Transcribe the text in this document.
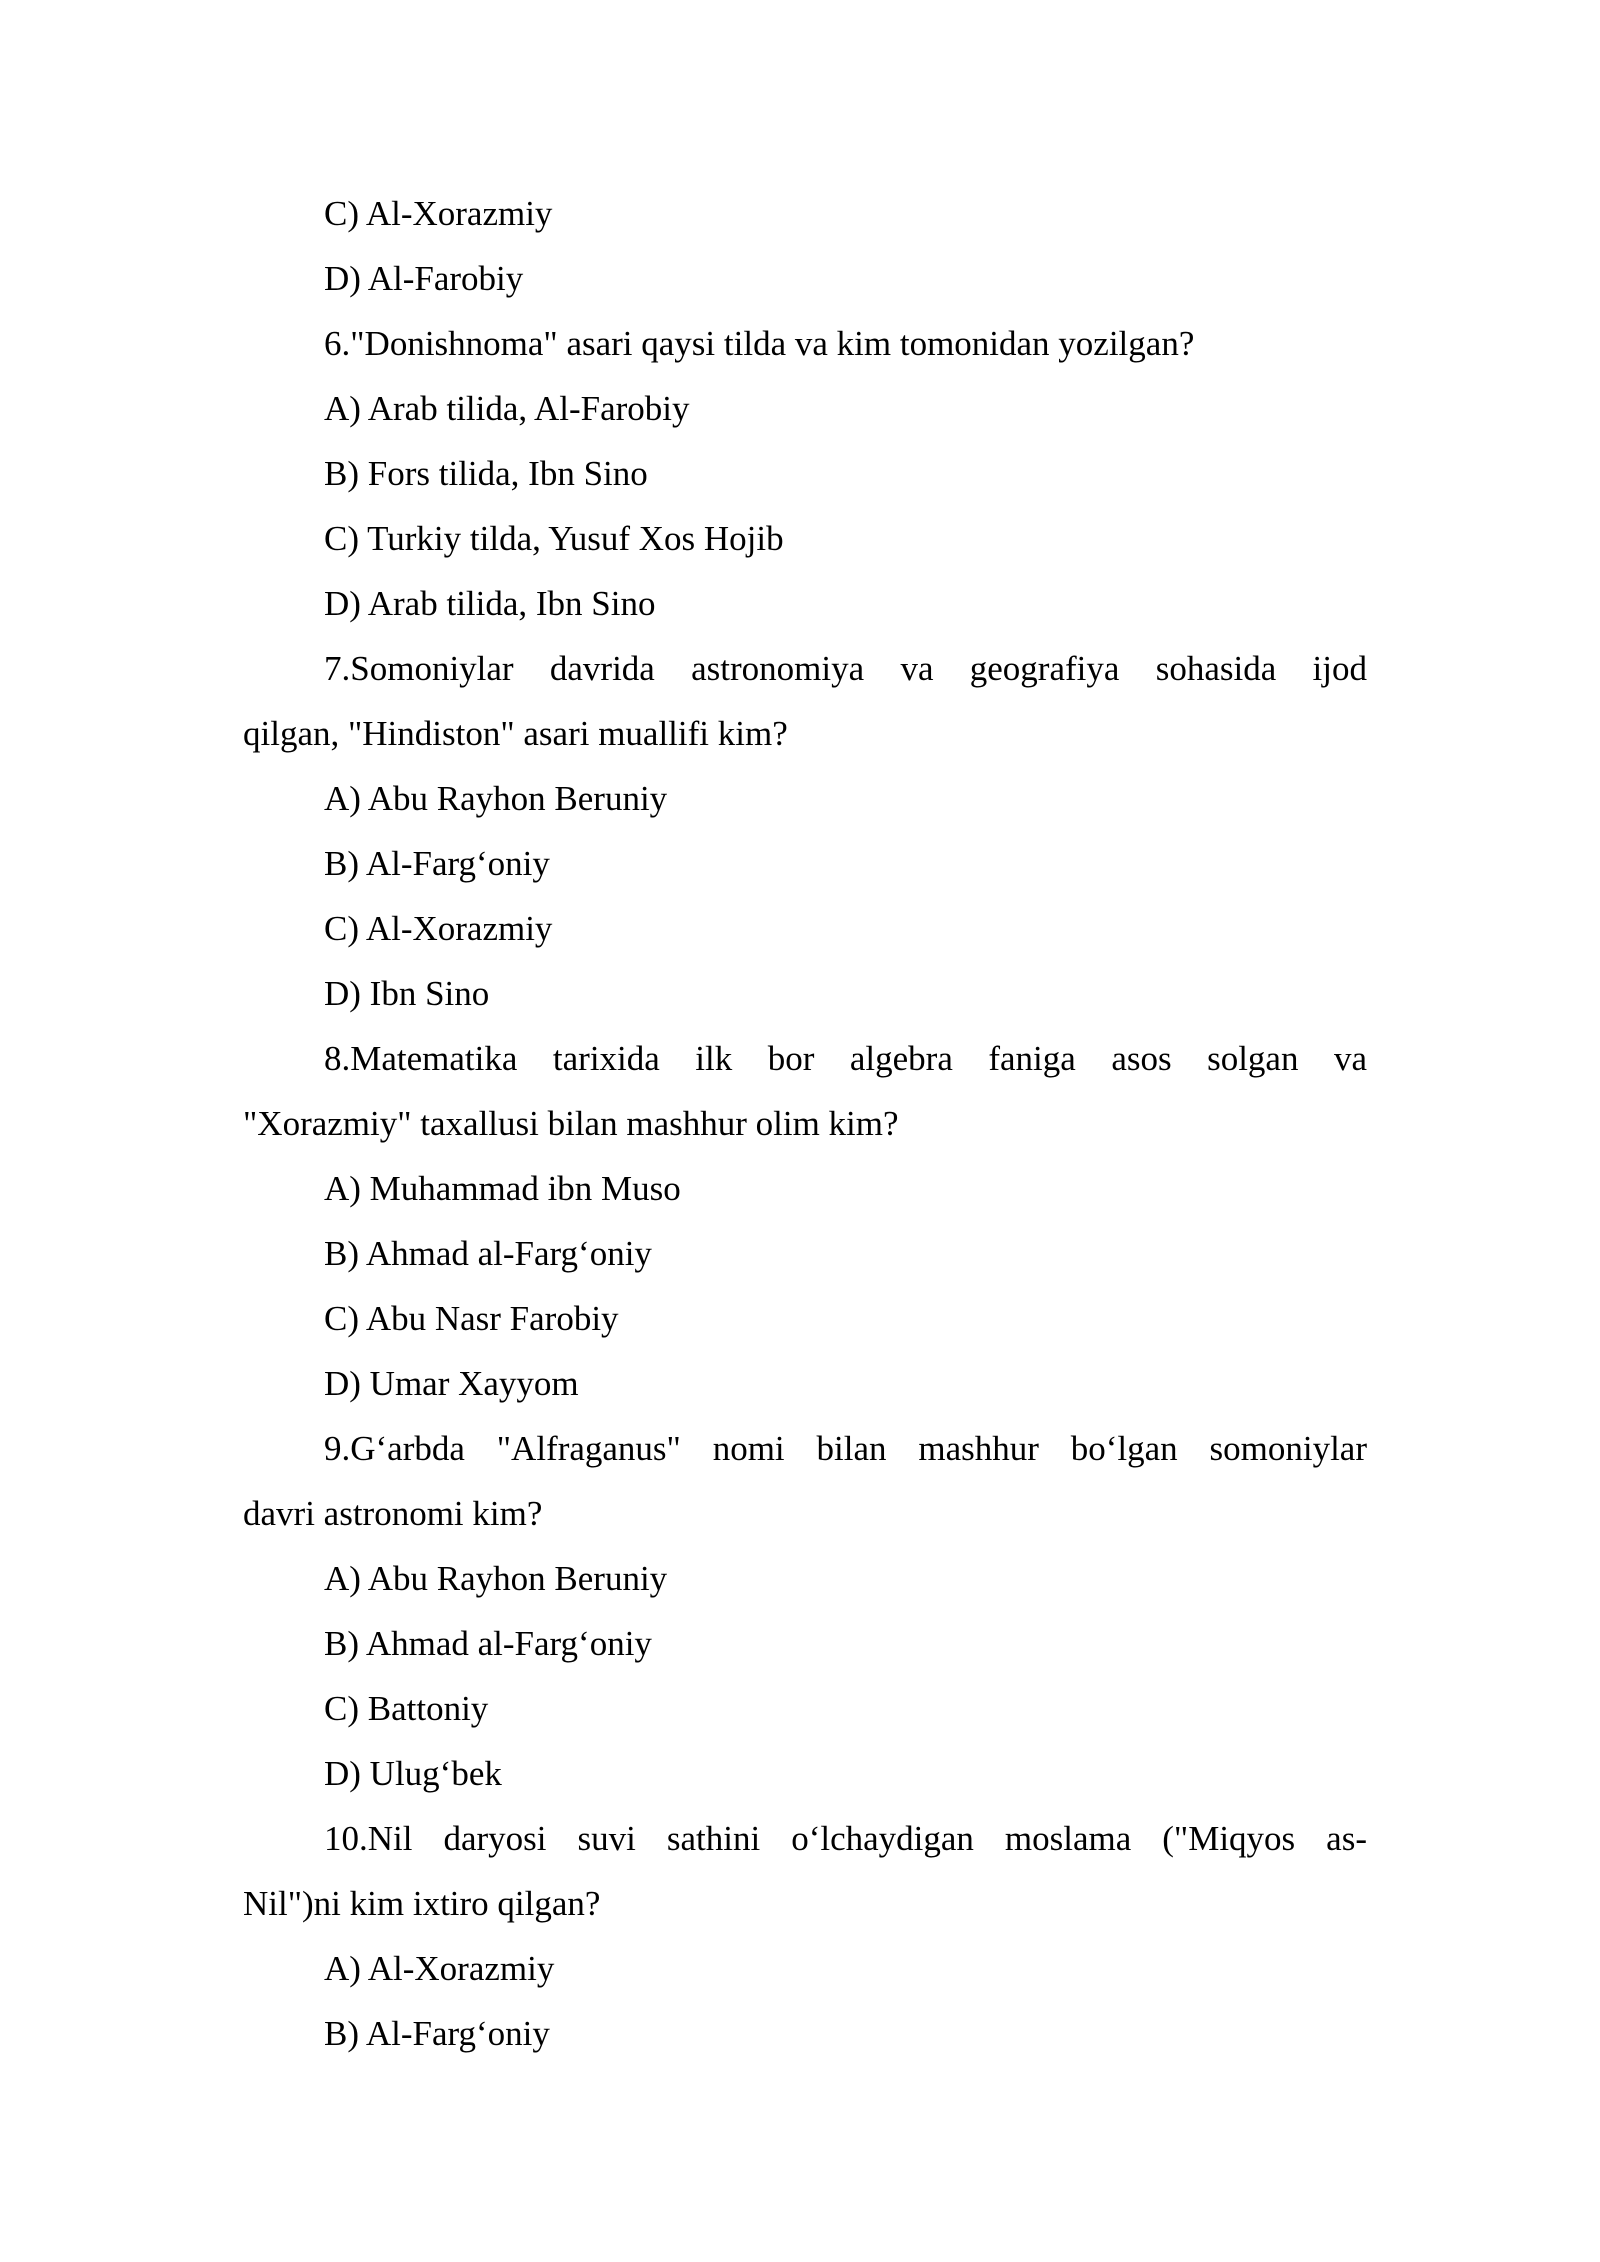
C) Al-Xorazmiy
D) Al-Farobiy
6."Donishnoma" asari qaysi tilda va kim tomonidan yozilgan?
A) Arab tilida, Al-Farobiy
B) Fors tilida, Ibn Sino
C) Turkiy tilda, Yusuf Xos Hojib
D) Arab tilida, Ibn Sino
7.Somoniylar davrida astronomiya va geografiya sohasida ijod
qilgan, "Hindiston" asari muallifi kim?
A) Abu Rayhon Beruniy
B) Al-Farg‘oniy
C) Al-Xorazmiy
D) Ibn Sino
8.Matematika tarixida ilk bor algebra faniga asos solgan va
"Xorazmiy" taxallusi bilan mashhur olim kim?
A) Muhammad ibn Muso
B) Ahmad al-Farg‘oniy
C) Abu Nasr Farobiy
D) Umar Xayyom
9.G‘arbda "Alfraganus" nomi bilan mashhur bo‘lgan somoniylar
davri astronomi kim?
A) Abu Rayhon Beruniy
B) Ahmad al-Farg‘oniy
C) Battoniy
D) Ulug‘bek
10.Nil daryosi suvi sathini o‘lchaydigan moslama ("Miqyos as-
Nil")ni kim ixtiro qilgan?
A) Al-Xorazmiy
B) Al-Farg‘oniy
